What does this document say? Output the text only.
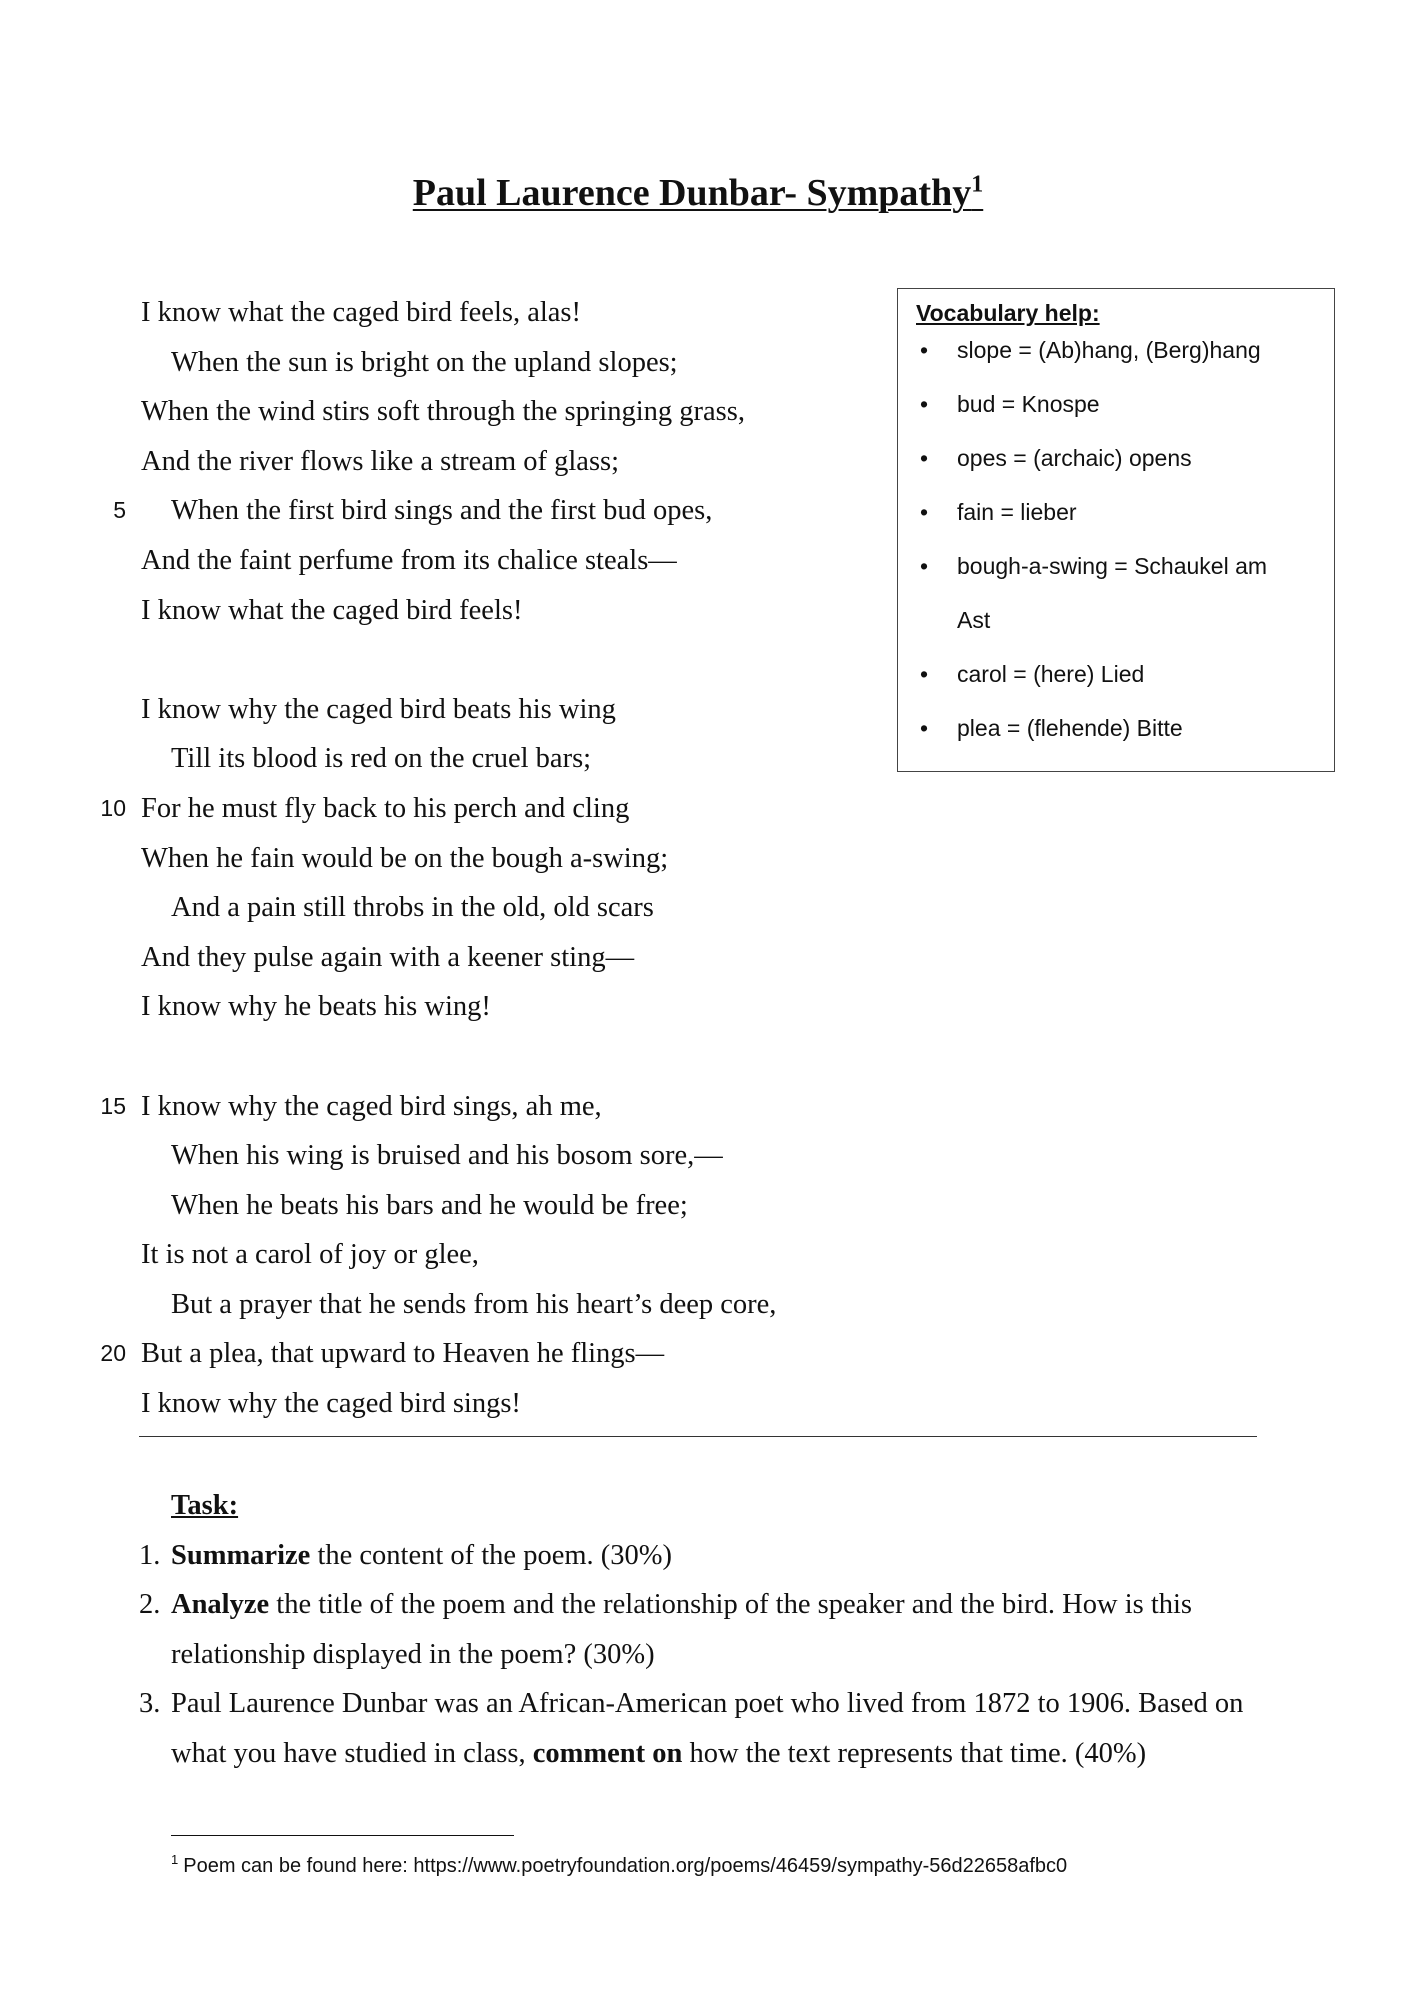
Paul Laurence Dunbar- Sympathy$^1$
I know what the caged bird feels, alas!
When the sun is bright on the upland slopes;
When the wind stirs soft through the springing grass,
And the river flows like a stream of glass;
5 When the first bird sings and the first bud opes,
And the faint perfume from its chalice steals—
I know what the caged bird feels!
I know why the caged bird beats his wing
Till its blood is red on the cruel bars;
10 For he must fly back to his perch and cling
When he fain would be on the bough a-swing;
And a pain still throbs in the old, old scars
And they pulse again with a keener sting—
I know why he beats his wing!
15 I know why the caged bird sings, ah me,
When his wing is bruised and his bosom sore,—
When he beats his bars and he would be free;
It is not a carol of joy or glee,
But a prayer that he sends from his heart’s deep core,
20 But a plea, that upward to Heaven he flings—
I know why the caged bird sings!
Vocabulary help:
• slope = (Ab)hang, (Berg)hang
• bud = Knospe
• opes = (archaic) opens
• fain = lieber
• bough-a-swing = Schaukel am Ast
• carol = (here) Lied
• plea = (flehende) Bitte
Task:
1. Summarize the content of the poem. (30%)
2. Analyze the title of the poem and the relationship of the speaker and the bird. How is this relationship displayed in the poem? (30%)
3. Paul Laurence Dunbar was an African-American poet who lived from 1872 to 1906. Based on what you have studied in class, comment on how the text represents that time. (40%)
$^1$ Poem can be found here: https://www.poetryfoundation.org/poems/46459/sympathy-56d22658afbc0
